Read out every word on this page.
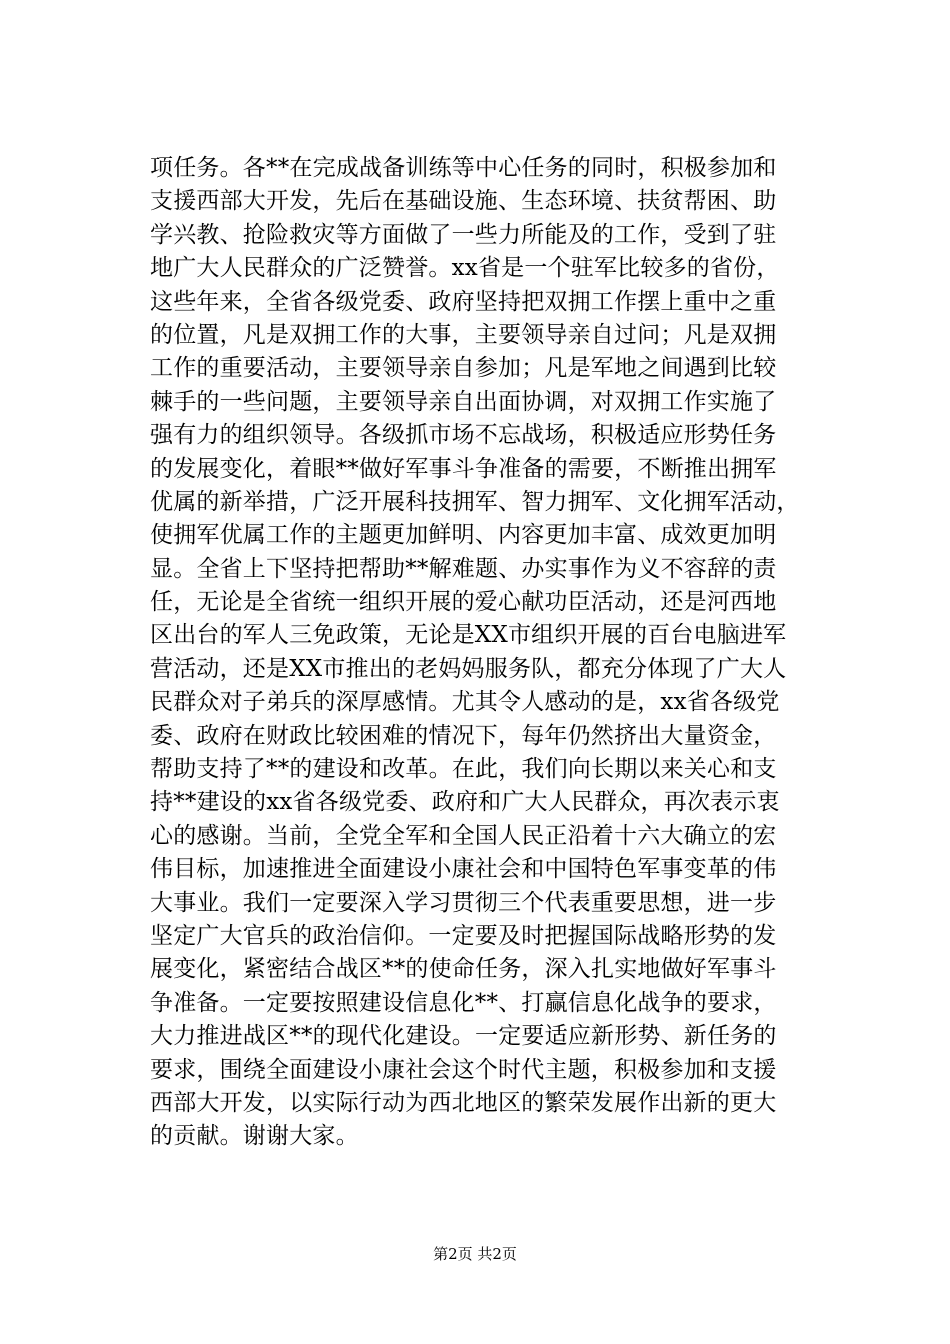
项任务。各**在完成战备训练等中心任务的同时，积极参加和
支援西部大开发，先后在基础设施、生态环境、扶贫帮困、助
学兴教、抢险救灾等方面做了一些力所能及的工作，受到了驻
地广大人民群众的广泛赞誉。xx省是一个驻军比较多的省份，
这些年来，全省各级党委、政府坚持把双拥工作摆上重中之重
的位置，凡是双拥工作的大事，主要领导亲自过问；凡是双拥
工作的重要活动，主要领导亲自参加；凡是军地之间遇到比较
棘手的一些问题，主要领导亲自出面协调，对双拥工作实施了
强有力的组织领导。各级抓市场不忘战场，积极适应形势任务
的发展变化，着眼**做好军事斗争准备的需要，不断推出拥军
优属的新举措，广泛开展科技拥军、智力拥军、文化拥军活动，
使拥军优属工作的主题更加鲜明、内容更加丰富、成效更加明
显。全省上下坚持把帮助**解难题、办实事作为义不容辞的责
任，无论是全省统一组织开展的爱心献功臣活动，还是河西地
区出台的军人三免政策，无论是XX市组织开展的百台电脑进军
营活动，还是XX市推出的老妈妈服务队，都充分体现了广大人
民群众对子弟兵的深厚感情。尤其令人感动的是，xx省各级党
委、政府在财政比较困难的情况下，每年仍然挤出大量资金，
帮助支持了**的建设和改革。在此，我们向长期以来关心和支
持**建设的xx省各级党委、政府和广大人民群众，再次表示衷
心的感谢。当前，全党全军和全国人民正沿着十六大确立的宏
伟目标，加速推进全面建设小康社会和中国特色军事变革的伟
大事业。我们一定要深入学习贯彻三个代表重要思想，进一步
坚定广大官兵的政治信仰。一定要及时把握国际战略形势的发
展变化，紧密结合战区**的使命任务，深入扎实地做好军事斗
争准备。一定要按照建设信息化**、打赢信息化战争的要求，
大力推进战区**的现代化建设。一定要适应新形势、新任务的
要求，围绕全面建设小康社会这个时代主题，积极参加和支援
西部大开发，以实际行动为西北地区的繁荣发展作出新的更大
的贡献。谢谢大家。
第2页 共2页
